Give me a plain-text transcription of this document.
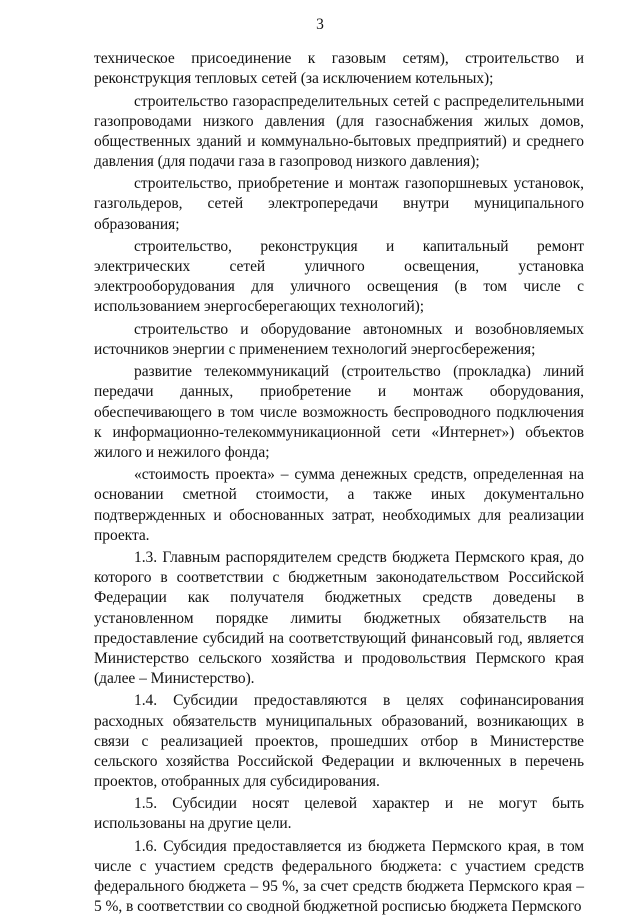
3

техническое присоединение к газовым сетям), строительство и реконструкция тепловых сетей (за исключением котельных);

строительство газораспределительных сетей с распределительными газопроводами низкого давления (для газоснабжения жилых домов, общественных зданий и коммунально-бытовых предприятий) и среднего давления (для подачи газа в газопровод низкого давления);

строительство, приобретение и монтаж газопоршневых установок, газгольдеров, сетей электропередачи внутри муниципального образования;

строительство, реконструкция и капитальный ремонт электрических сетей уличного освещения, установка электрооборудования для уличного освещения (в том числе с использованием энергосберегающих технологий);

строительство и оборудование автономных и возобновляемых источников энергии с применением технологий энергосбережения;

развитие телекоммуникаций (строительство (прокладка) линий передачи данных, приобретение и монтаж оборудования, обеспечивающего в том числе возможность беспроводного подключения к информационно-телекоммуникационной сети «Интернет») объектов жилого и нежилого фонда;

«стоимость проекта» – сумма денежных средств, определенная на основании сметной стоимости, а также иных документально подтвержденных и обоснованных затрат, необходимых для реализации проекта.

1.3. Главным распорядителем средств бюджета Пермского края, до которого в соответствии с бюджетным законодательством Российской Федерации как получателя бюджетных средств доведены в установленном порядке лимиты бюджетных обязательств на предоставление субсидий на соответствующий финансовый год, является Министерство сельского хозяйства и продовольствия Пермского края (далее – Министерство).

1.4. Субсидии предоставляются в целях софинансирования расходных обязательств муниципальных образований, возникающих в связи с реализацией проектов, прошедших отбор в Министерстве сельского хозяйства Российской Федерации и включенных в перечень проектов, отобранных для субсидирования.

1.5. Субсидии носят целевой характер и не могут быть использованы на другие цели.

1.6. Субсидия предоставляется из бюджета Пермского края, в том числе с участием средств федерального бюджета: с участием средств федерального бюджета – 95 %, за счет средств бюджета Пермского края – 5 %, в соответствии со сводной бюджетной росписью бюджета Пермского
